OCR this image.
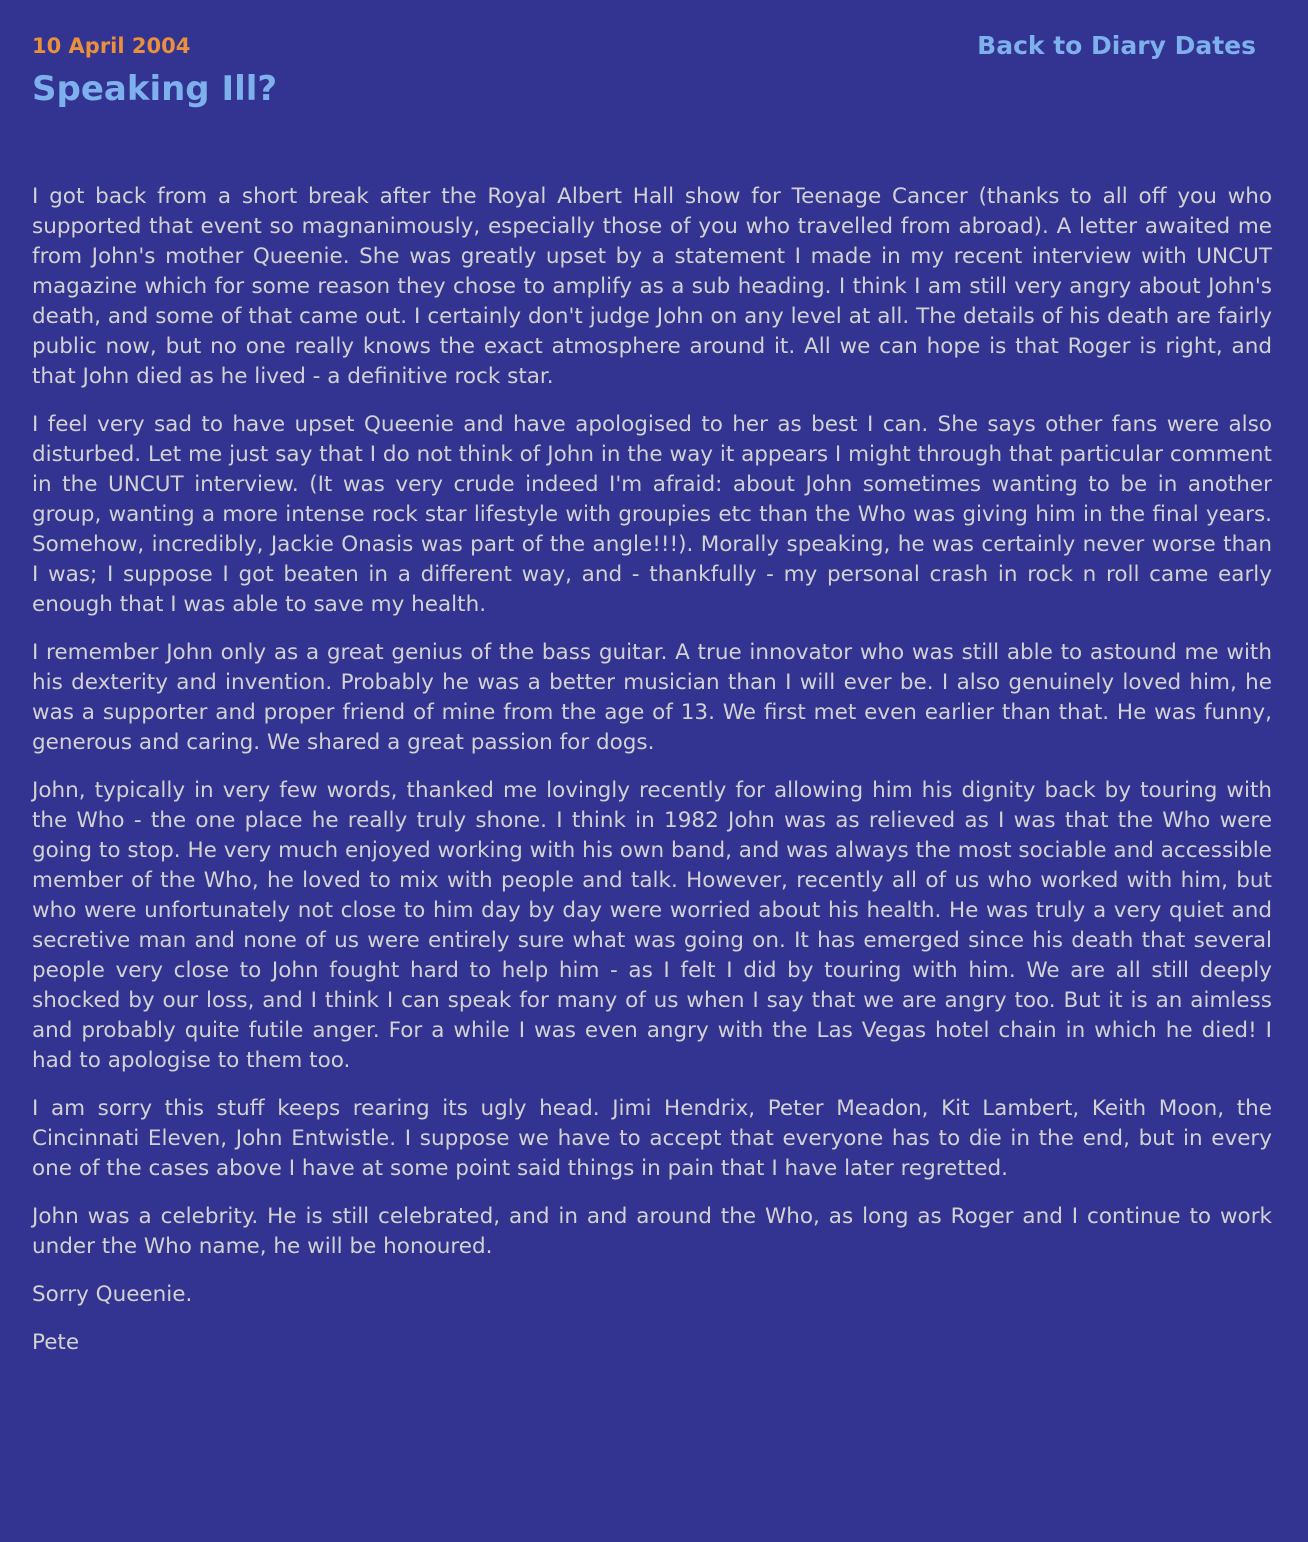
10 April 2004	Back to Diary Dates
Speaking Ill?

I got back from a short break after the Royal Albert Hall show for Teenage Cancer (thanks to all off you who supported that event so magnanimously, especially those of you who travelled from abroad). A letter awaited me from John's mother Queenie. She was greatly upset by a statement I made in my recent interview with UNCUT magazine which for some reason they chose to amplify as a sub heading. I think I am still very angry about John's death, and some of that came out. I certainly don't judge John on any level at all. The details of his death are fairly public now, but no one really knows the exact atmosphere around it. All we can hope is that Roger is right, and that John died as he lived - a definitive rock star.

I feel very sad to have upset Queenie and have apologised to her as best I can. She says other fans were also disturbed. Let me just say that I do not think of John in the way it appears I might through that particular comment in the UNCUT interview. (It was very crude indeed I'm afraid: about John sometimes wanting to be in another group, wanting a more intense rock star lifestyle with groupies etc than the Who was giving him in the final years. Somehow, incredibly, Jackie Onasis was part of the angle!!!). Morally speaking, he was certainly never worse than I was; I suppose I got beaten in a different way, and - thankfully - my personal crash in rock n roll came early enough that I was able to save my health.

I remember John only as a great genius of the bass guitar. A true innovator who was still able to astound me with his dexterity and invention. Probably he was a better musician than I will ever be. I also genuinely loved him, he was a supporter and proper friend of mine from the age of 13. We first met even earlier than that. He was funny, generous and caring. We shared a great passion for dogs.

John, typically in very few words, thanked me lovingly recently for allowing him his dignity back by touring with the Who - the one place he really truly shone. I think in 1982 John was as relieved as I was that the Who were going to stop. He very much enjoyed working with his own band, and was always the most sociable and accessible member of the Who, he loved to mix with people and talk. However, recently all of us who worked with him, but who were unfortunately not close to him day by day were worried about his health. He was truly a very quiet and secretive man and none of us were entirely sure what was going on. It has emerged since his death that several people very close to John fought hard to help him - as I felt I did by touring with him. We are all still deeply shocked by our loss, and I think I can speak for many of us when I say that we are angry too. But it is an aimless and probably quite futile anger. For a while I was even angry with the Las Vegas hotel chain in which he died! I had to apologise to them too.

I am sorry this stuff keeps rearing its ugly head. Jimi Hendrix, Peter Meadon, Kit Lambert, Keith Moon, the Cincinnati Eleven, John Entwistle. I suppose we have to accept that everyone has to die in the end, but in every one of the cases above I have at some point said things in pain that I have later regretted.

John was a celebrity. He is still celebrated, and in and around the Who, as long as Roger and I continue to work under the Who name, he will be honoured.

Sorry Queenie.

Pete
